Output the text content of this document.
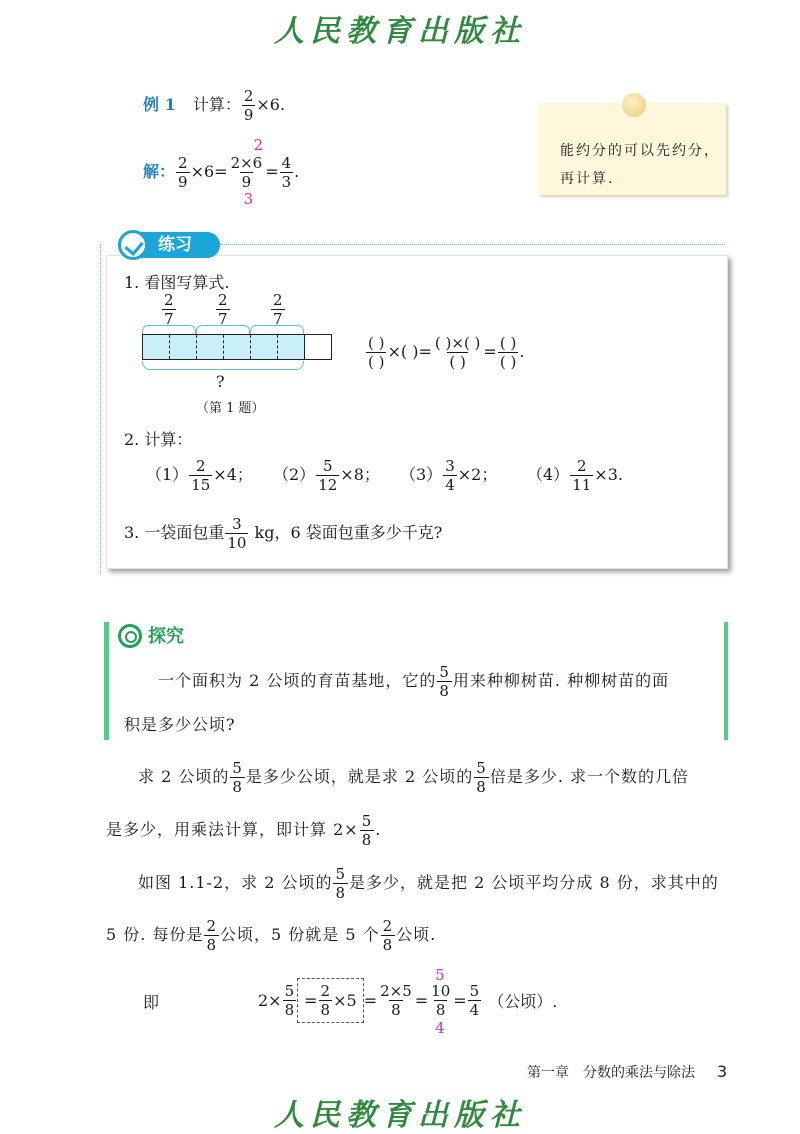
人民教育出版社
例 1 计算： $\frac{2}{9} \times 6$.
解： $\frac{2}{9} \times 6=$
2
2×6
9
3
= $\frac{4}{3}$ .
能约分的可以先约分，再计算.
练习
1. 看图写算式.
$\frac{2}{7}$	$\frac{2}{7}$	$\frac{2}{7}$
?
（第 1 题）
( )
( )
×( )= ( )×( )
( )
= ( )
( )
.
2. 计算：
$(1) \frac{2}{15} \times 4$； $(2) \frac{5}{12} \times 8$； $(3) \frac{3}{4} \times 2$； $(4) \frac{2}{11} \times 3$.
3. 一袋面包重 $\frac{3}{10}$ kg，6 袋面包重多少千克?
探究
一个面积为 2 公顷的育苗基地，它的 $\frac{5}{8}$ 用来种柳树苗. 种柳树苗的面
积是多少公顷?
求 2 公顷的 $\frac{5}{8}$ 是多少公顷，就是求 2 公顷的 $\frac{5}{8}$ 倍是多少. 求一个数的几倍
是多少，用乘法计算，即计算 $2\times \frac{5}{8}$ .
如图 1.1-2，求 2 公顷的 $\frac{5}{8}$ 是多少，就是把 2 公顷平均分成 8 份，求其中的
5 份. 每份是 $\frac{2}{8}$ 公顷，5 份就是 5 个 $\frac{2}{8}$ 公顷.
即	$2\times \frac{5}{8} = \frac{2}{8} \times 5 = \frac{2\times 5}{8}$ =
5
10
8
4
= $\frac{5}{4}$ （公顷）.
第一章　分数的乘法与除法 3
人民教育出版社
